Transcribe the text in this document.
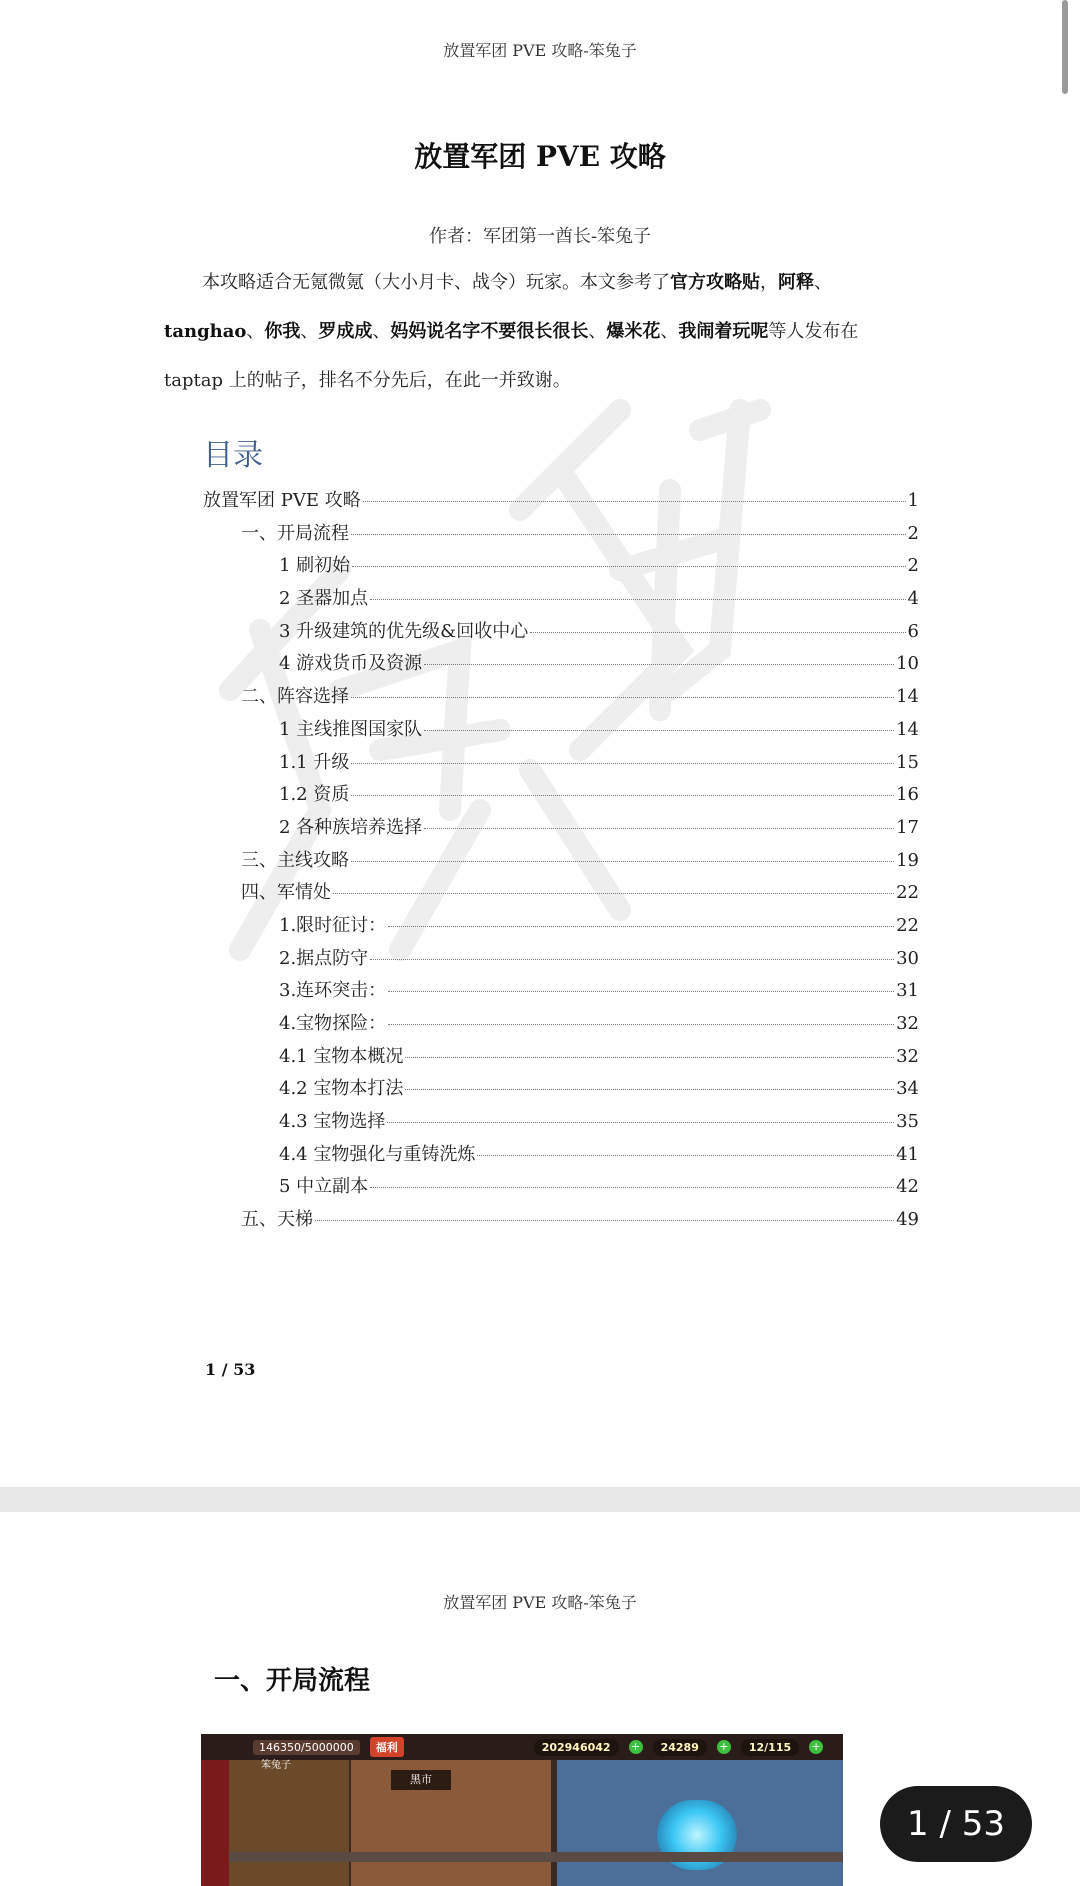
放置军团 PVE 攻略-笨兔子
放置军团 PVE 攻略
作者：军团第一酋长-笨兔子

本攻略适合无氪微氪（大小月卡、战令）玩家。本文参考了官方攻略贴，阿释、tanghao、你我、罗成成、妈妈说名字不要很长很长、爆米花、我闹着玩呢等人发布在 taptap 上的帖子，排名不分先后，在此一并致谢。

目录
放置军团 PVE 攻略	1
一、开局流程	2
1 刷初始	2
2 圣器加点	4
3 升级建筑的优先级&回收中心	6
4 游戏货币及资源	10
二、阵容选择	14
1 主线推图国家队	14
1.1 升级	15
1.2 资质	16
2 各种族培养选择	17
三、主线攻略	19
四、军情处	22
1.限时征讨：	22
2.据点防守	30
3.连环突击：	31
4.宝物探险：	32
4.1 宝物本概况	32
4.2 宝物本打法	34
4.3 宝物选择	35
4.4 宝物强化与重铸洗炼	41
5 中立副本	42
五、天梯	49
1 / 53
放置军团 PVE 攻略-笨兔子
一、开局流程
黑市
146350/5000000	福利	202946042	+	24289	+	12/115	+
笨兔子
1 / 53
